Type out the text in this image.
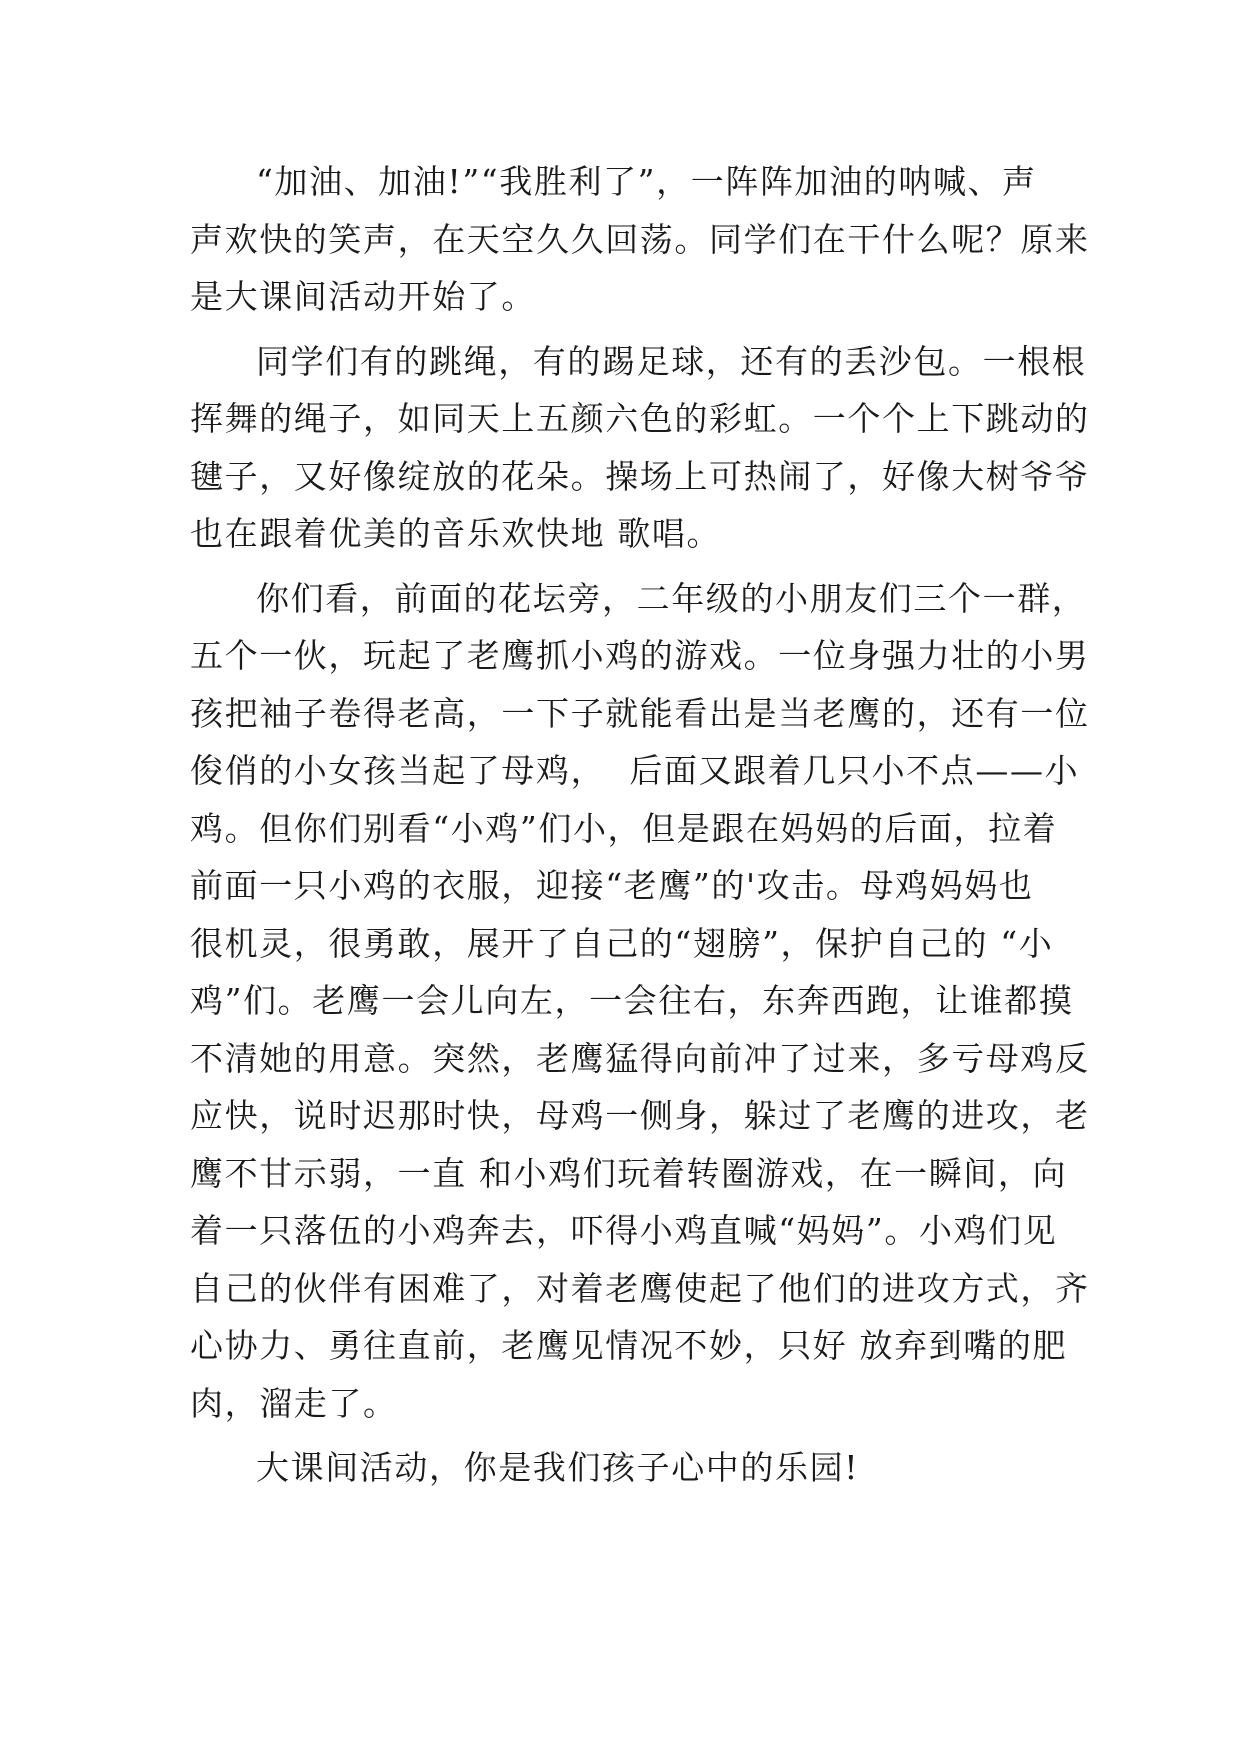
“加油、加油!”“我胜利了”，一阵阵加油的呐喊、声
声欢快的笑声，在天空久久回荡。同学们在干什么呢？原来
是大课间活动开始了。
同学们有的跳绳，有的踢足球，还有的丢沙包。一根根
挥舞的绳子，如同天上五颜六色的彩虹。一个个上下跳动的
毽子，又好像绽放的花朵。操场上可热闹了，好像大树爷爷
也在跟着优美的音乐欢快地 歌唱。
你们看，前面的花坛旁，二年级的小朋友们三个一群，
五个一伙，玩起了老鹰抓小鸡的游戏。一位身强力壮的小男
孩把袖子卷得老高，一下子就能看出是当老鹰的，还有一位
俊俏的小女孩当起了母鸡，  后面又跟着几只小不点——小
鸡。但你们别看“小鸡”们小，但是跟在妈妈的后面，拉着
前面一只小鸡的衣服，迎接“老鹰”的'攻击。母鸡妈妈也
很机灵，很勇敢，展开了自己的“翅膀”，保护自己的 “小
鸡”们。老鹰一会儿向左，一会往右，东奔西跑，让谁都摸
不清她的用意。突然，老鹰猛得向前冲了过来，多亏母鸡反
应快，说时迟那时快，母鸡一侧身，躲过了老鹰的进攻，老
鹰不甘示弱，一直 和小鸡们玩着转圈游戏，在一瞬间，向
着一只落伍的小鸡奔去，吓得小鸡直喊“妈妈”。小鸡们见
自己的伙伴有困难了，对着老鹰使起了他们的进攻方式，齐
心协力、勇往直前，老鹰见情况不妙，只好 放弃到嘴的肥
肉，溜走了。
大课间活动，你是我们孩子心中的乐园!
